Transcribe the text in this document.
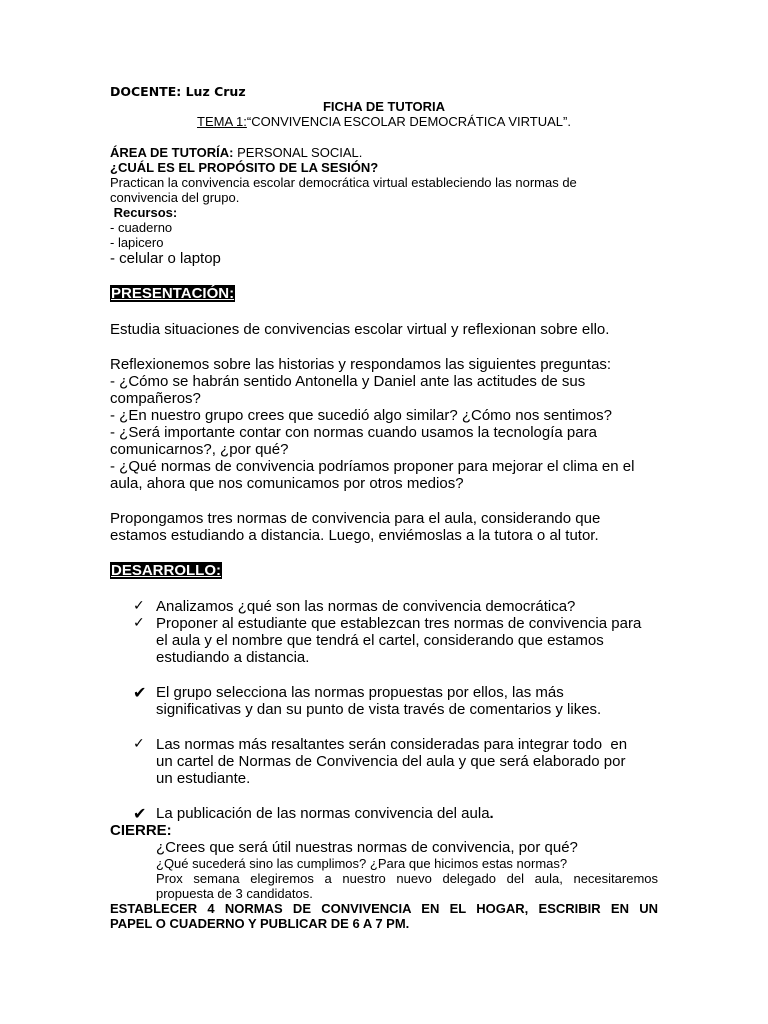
DOCENTE: Luz Cruz
FICHA DE TUTORIA
TEMA 1:“CONVIVENCIA ESCOLAR DEMOCRÁTICA VIRTUAL”.
ÁREA DE TUTORÍA: PERSONAL SOCIAL.
¿CUÁL ES EL PROPÓSITO DE LA SESIÓN?
Practican la convivencia escolar democrática virtual estableciendo las normas de
convivencia del grupo.
Recursos:
- cuaderno
- lapicero
- celular o laptop
PRESENTACIÓN:
Estudia situaciones de convivencias escolar virtual y reflexionan sobre ello.
Reflexionemos sobre las historias y respondamos las siguientes preguntas:
- ¿Cómo se habrán sentido Antonella y Daniel ante las actitudes de sus
compañeros?
- ¿En nuestro grupo crees que sucedió algo similar? ¿Cómo nos sentimos?
- ¿Será importante contar con normas cuando usamos la tecnología para
comunicarnos?, ¿por qué?
- ¿Qué normas de convivencia podríamos proponer para mejorar el clima en el
aula, ahora que nos comunicamos por otros medios?
Propongamos tres normas de convivencia para el aula, considerando que
estamos estudiando a distancia. Luego, enviémoslas a la tutora o al tutor.
DESARROLLO:
✓ Analizamos ¿qué son las normas de convivencia democrática?
✓ Proponer al estudiante que establezcan tres normas de convivencia para
el aula y el nombre que tendrá el cartel, considerando que estamos
estudiando a distancia.
✔ El grupo selecciona las normas propuestas por ellos, las más
significativas y dan su punto de vista través de comentarios y likes.
✓ Las normas más resaltantes serán consideradas para integrar todo  en
un cartel de Normas de Convivencia del aula y que será elaborado por
un estudiante.
✔ La publicación de las normas convivencia del aula.
CIERRE:
¿Crees que será útil nuestras normas de convivencia, por qué?
¿Qué sucederá sino las cumplimos? ¿Para que hicimos estas normas?
Prox semana elegiremos a nuestro nuevo delegado del aula, necesitaremos
propuesta de 3 candidatos.
ESTABLECER 4 NORMAS DE CONVIVENCIA EN EL HOGAR, ESCRIBIR EN UN
PAPEL O CUADERNO Y PUBLICAR DE 6 A 7 PM.
